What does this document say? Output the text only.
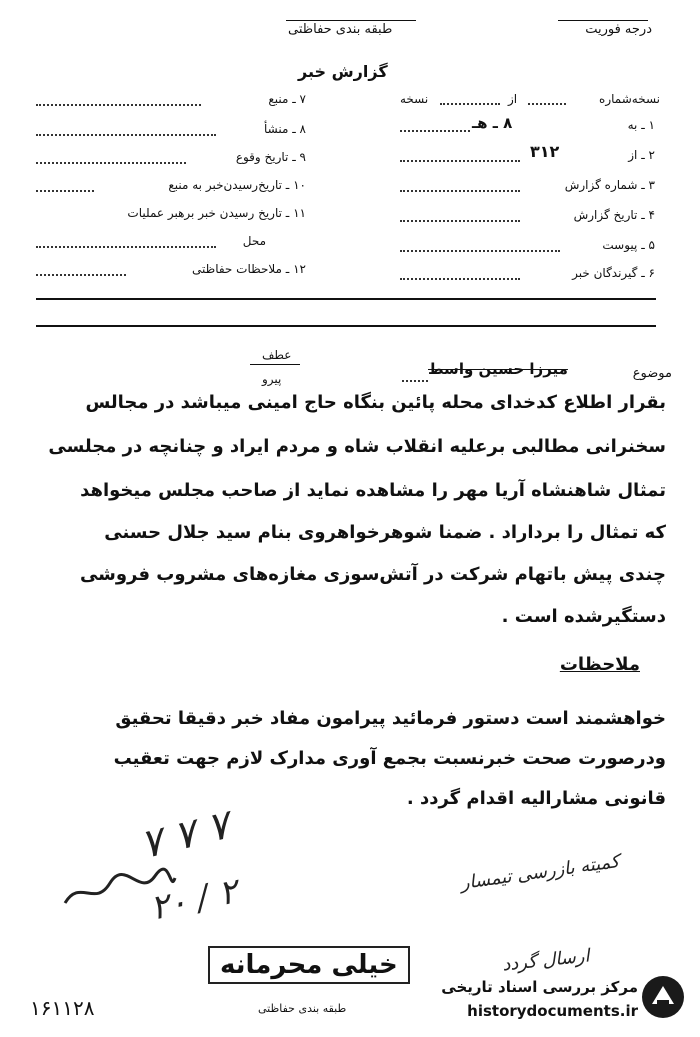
درجه فوریت
طبقه بندی حفاظتی
گزارش خبر
نسخه‌شماره
از
نسخه
۱ ـ به
۸ ـ هـ
۲ ـ از
۳۱۲
۳ ـ شماره گزارش
۴ ـ تاریخ گزارش
۵ ـ پیوست
۶ ـ گیرندگان خبر
۷ ـ منبع
۸ ـ منشأ
۹ ـ تاریخ وقوع
۱۰ ـ تاریخ‌رسیدن‌خبر به منبع
۱۱ ـ تاریخ رسیدن خبر برهبر عملیات
محل
۱۲ ـ ملاحظات حفاظتی
عطف
پیرو	موضوع
میرزا حسین واسط
بقرار اطلاع کدخدای محله پائین بنگاه حاج امینی میباشد در مجالس
سخنرانی مطالبی برعلیه انقلاب شاه و مردم ایراد و چنانچه در مجلسی
تمثال شاهنشاه آریا مهر را مشاهده نماید از صاحب مجلس میخواهد
که تمثال را برداراد . ضمنا شوهرخواهروی بنام سید جلال حسنی
چندی پیش باتهام شرکت در آتش‌سوزی مغازه‌های مشروب فروشی
دستگیرشده است .
ملاحظات
خواهشمند است دستور فرمائید پیرامون مفاد خبر دقیقا تحقیق
ودرصورت صحت خبرنسبت بجمع آوری مدارک لازم جهت تعقیب
قانونی مشارالیه اقدام گردد .
۷ ۷ ۷
۲۰ / ۲	کمیته بازرسی تیمسار
ارسال گردد
خیلی محرمانه
طبقه بندی حفاظتی
۱۶۱۱۲۸
مرکز بررسی اسناد تاریخی
historydocuments.ir
